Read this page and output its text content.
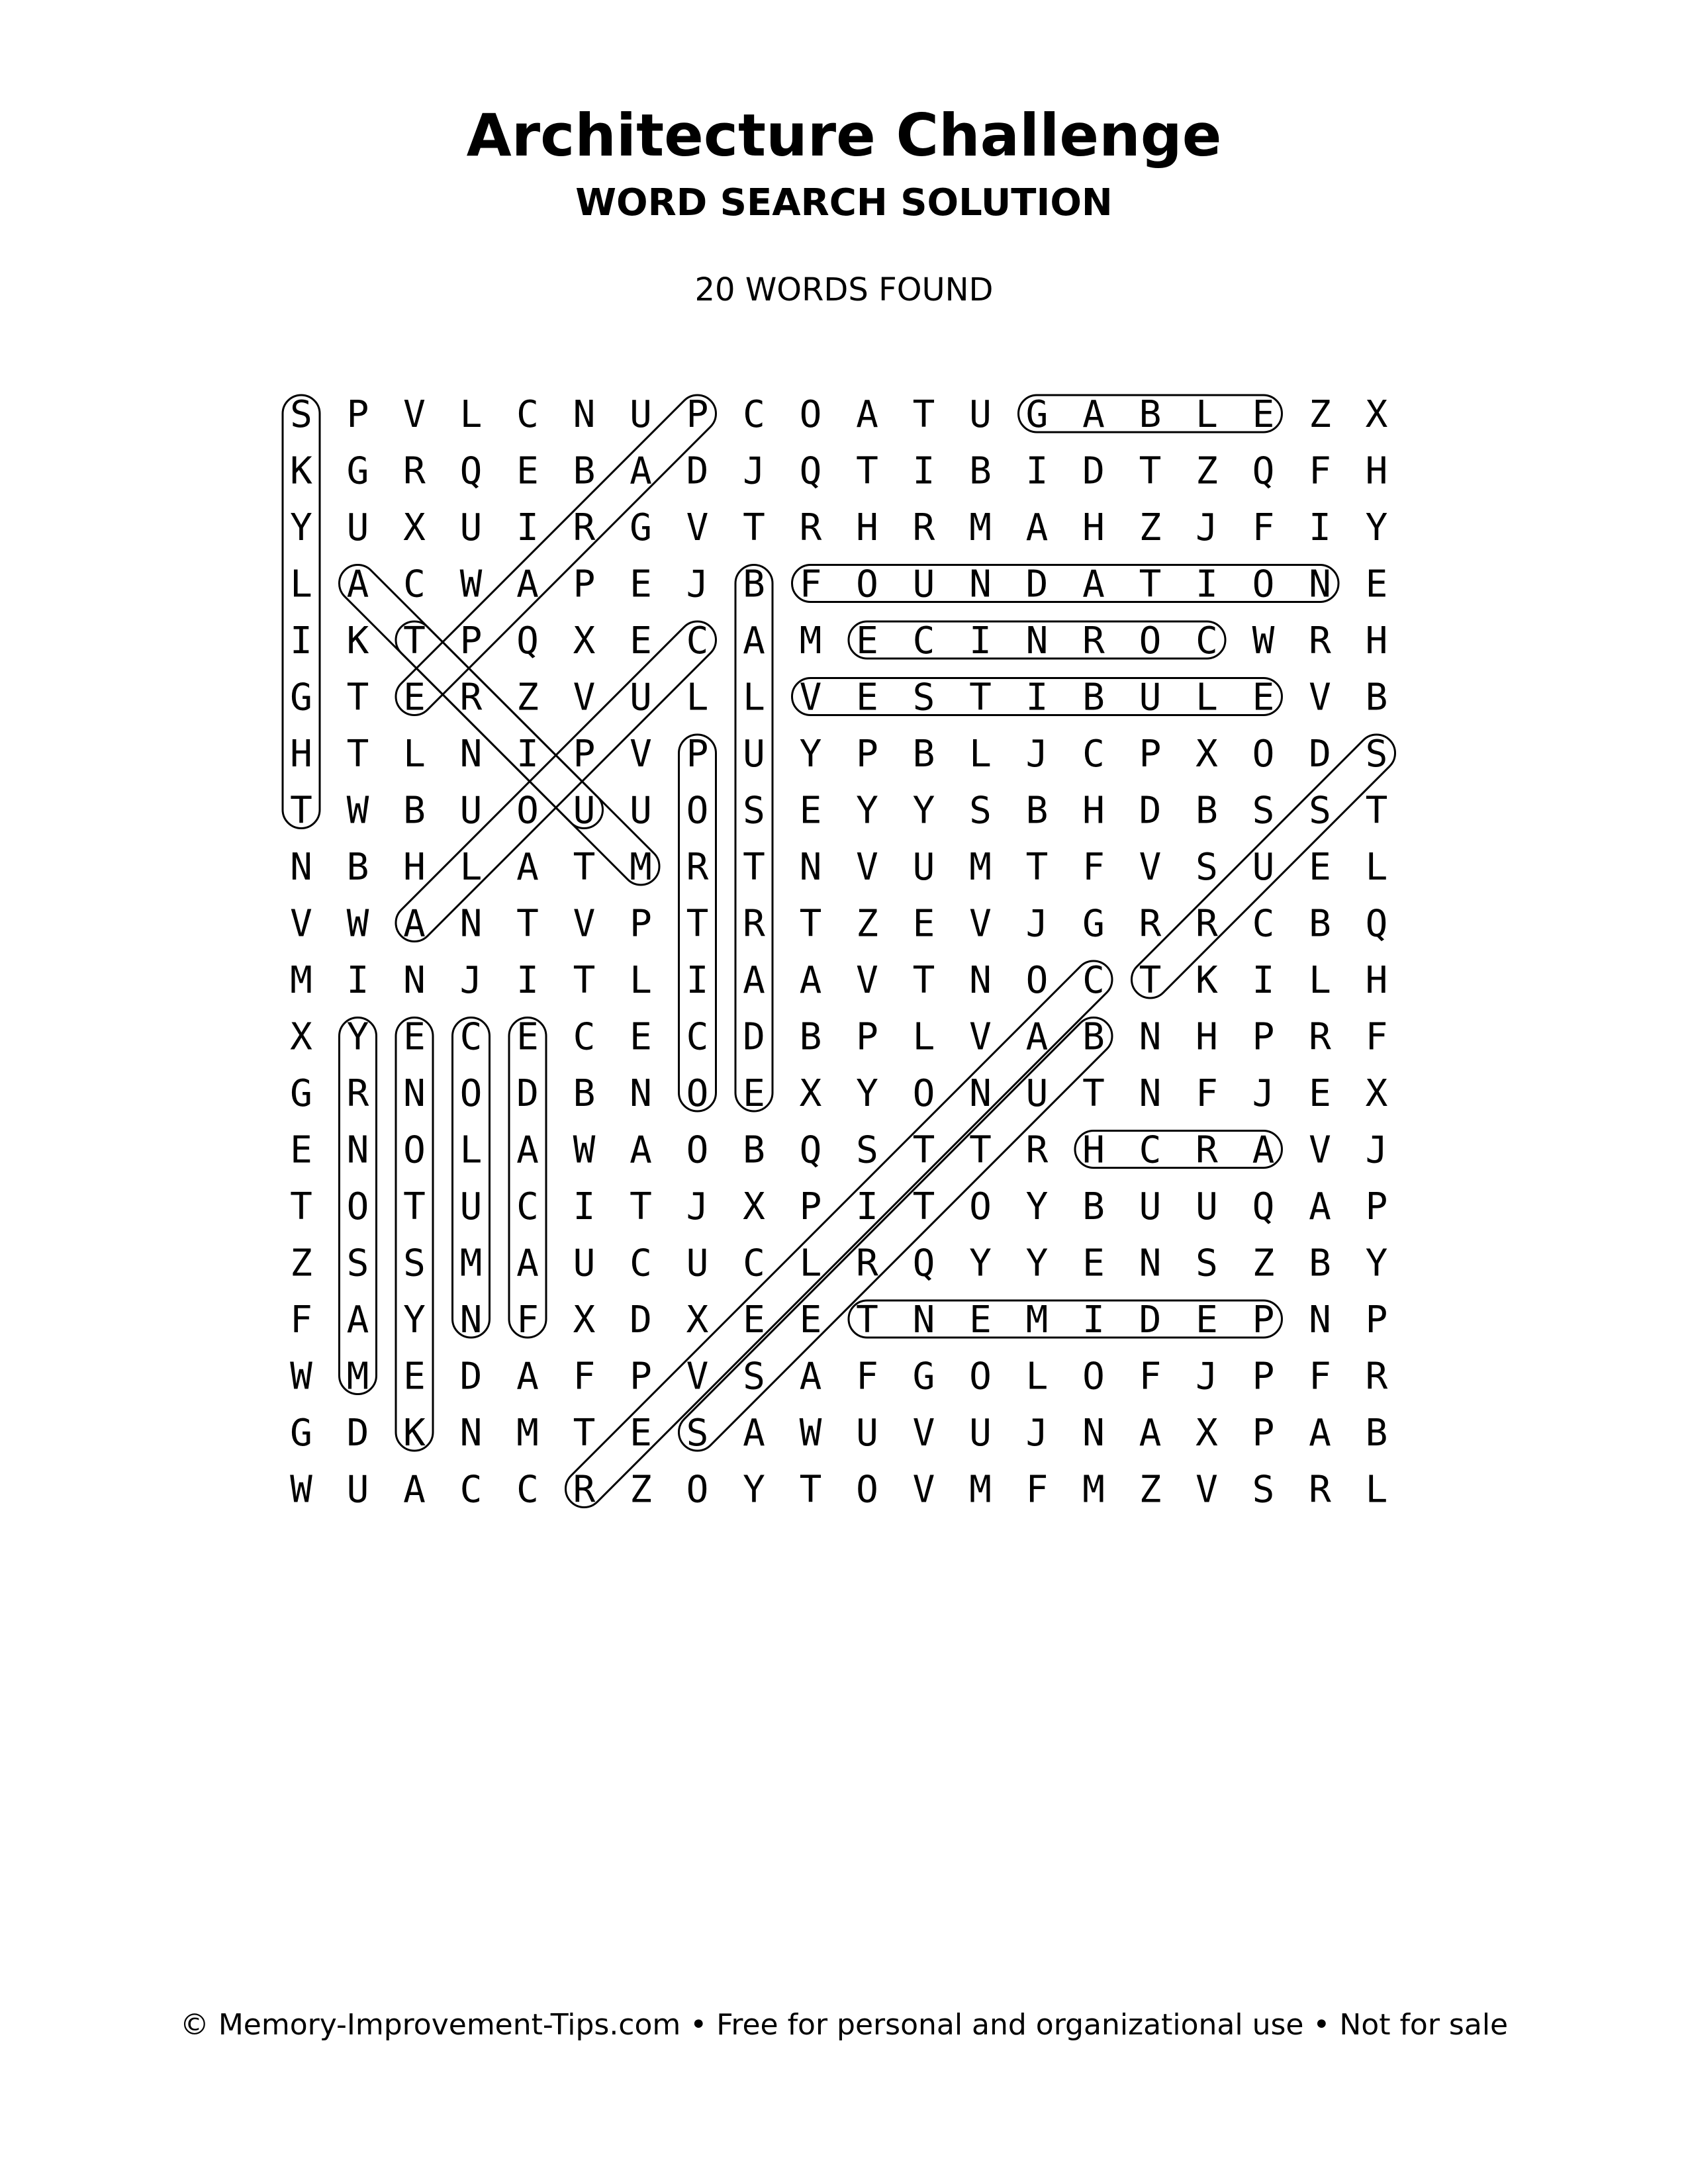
Architecture Challenge
WORD SEARCH SOLUTION
20 WORDS FOUND
S P V L C N U P C O A T U G A B L E Z X
K G R Q E B A D J Q T I B I D T Z Q F H
Y U X U I R G V T R H R M A H Z J F I Y
L A C W A P E J B F O U N D A T I O N E
I K T P Q X E C A M E C I N R O C W R H
G T E R Z V U L L V E S T I B U L E V B
H T L N I P V P U Y P B L J C P X O D S
T W B U O U U O S E Y Y S B H D B S S T
N B H L A T M R T N V U M T F V S U E L
V W A N T V P T R T Z E V J G R R C B Q
M I N J I T L I A A V T N O C T K I L H
X Y E C E C E C D B P L V A B N H P R F
G R N O D B N O E X Y O N U T N F J E X
E N O L A W A O B Q S T T R H C R A V J
T O T U C I T J X P I T O Y B U U Q A P
Z S S M A U C U C L R Q Y Y E N S Z B Y
F A Y N F X D X E E T N E M I D E P N P
W M E D A F P V S A F G O L O F J P F R
G D K N M T E S A W U V U J N A X P A B
W U A C C R Z O Y T O V M F M Z V S R L
© Memory-Improvement-Tips.com • Free for personal and organizational use • Not for sale
